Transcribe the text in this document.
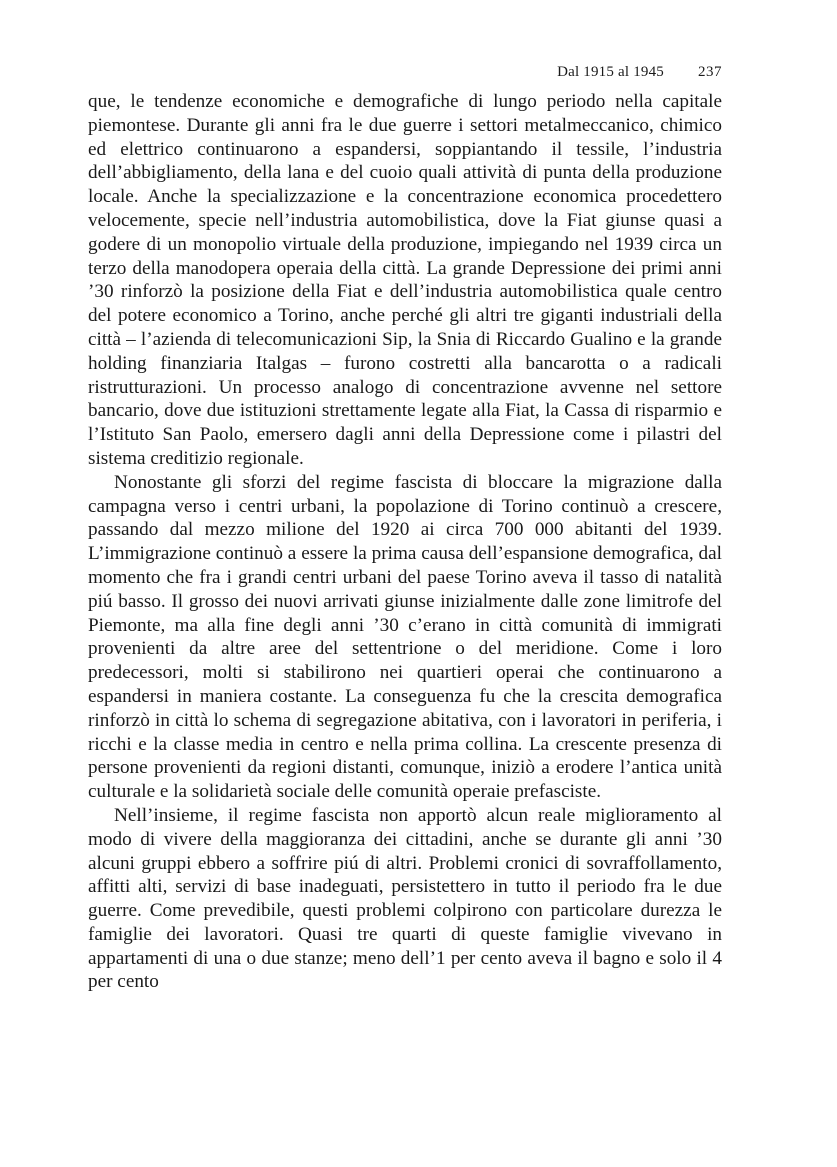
Dal 1915 al 1945 237

que, le tendenze economiche e demografiche di lungo periodo nella capitale piemontese. Durante gli anni fra le due guerre i settori metalmeccanico, chimico ed elettrico continuarono a espandersi, soppiantando il tessile, l’industria dell’abbigliamento, della lana e del cuoio quali attività di punta della produzione locale. Anche la specializzazione e la concentrazione economica procedettero velocemente, specie nell’industria automobilistica, dove la Fiat giunse quasi a godere di un monopolio virtuale della produzione, impiegando nel 1939 circa un terzo della manodopera operaia della città. La grande Depressione dei primi anni ’30 rinforzò la posizione della Fiat e dell’industria automobilistica quale centro del potere economico a Torino, anche perché gli altri tre giganti industriali della città – l’azienda di telecomunicazioni Sip, la Snia di Riccardo Gualino e la grande holding finanziaria Italgas – furono costretti alla bancarotta o a radicali ristrutturazioni. Un processo analogo di concentrazione avvenne nel settore bancario, dove due istituzioni strettamente legate alla Fiat, la Cassa di risparmio e l’Istituto San Paolo, emersero dagli anni della Depressione come i pilastri del sistema creditizio regionale.

Nonostante gli sforzi del regime fascista di bloccare la migrazione dalla campagna verso i centri urbani, la popolazione di Torino continuò a crescere, passando dal mezzo milione del 1920 ai circa 700 000 abitanti del 1939. L’immigrazione continuò a essere la prima causa dell’espansione demografica, dal momento che fra i grandi centri urbani del paese Torino aveva il tasso di natalità piú basso. Il grosso dei nuovi arrivati giunse inizialmente dalle zone limitrofe del Piemonte, ma alla fine degli anni ’30 c’erano in città comunità di immigrati provenienti da altre aree del settentrione o del meridione. Come i loro predecessori, molti si stabilirono nei quartieri operai che continuarono a espandersi in maniera costante. La conseguenza fu che la crescita demografica rinforzò in città lo schema di segregazione abitativa, con i lavoratori in periferia, i ricchi e la classe media in centro e nella prima collina. La crescente presenza di persone provenienti da regioni distanti, comunque, iniziò a erodere l’antica unità culturale e la solidarietà sociale delle comunità operaie prefasciste.

Nell’insieme, il regime fascista non apportò alcun reale miglioramento al modo di vivere della maggioranza dei cittadini, anche se durante gli anni ’30 alcuni gruppi ebbero a soffrire piú di altri. Problemi cronici di sovraffollamento, affitti alti, servizi di base inadeguati, persistettero in tutto il periodo fra le due guerre. Come prevedibile, questi problemi colpirono con particolare durezza le famiglie dei lavoratori. Quasi tre quarti di queste famiglie vivevano in appartamenti di una o due stanze; meno dell’1 per cento aveva il bagno e solo il 4 per cento
